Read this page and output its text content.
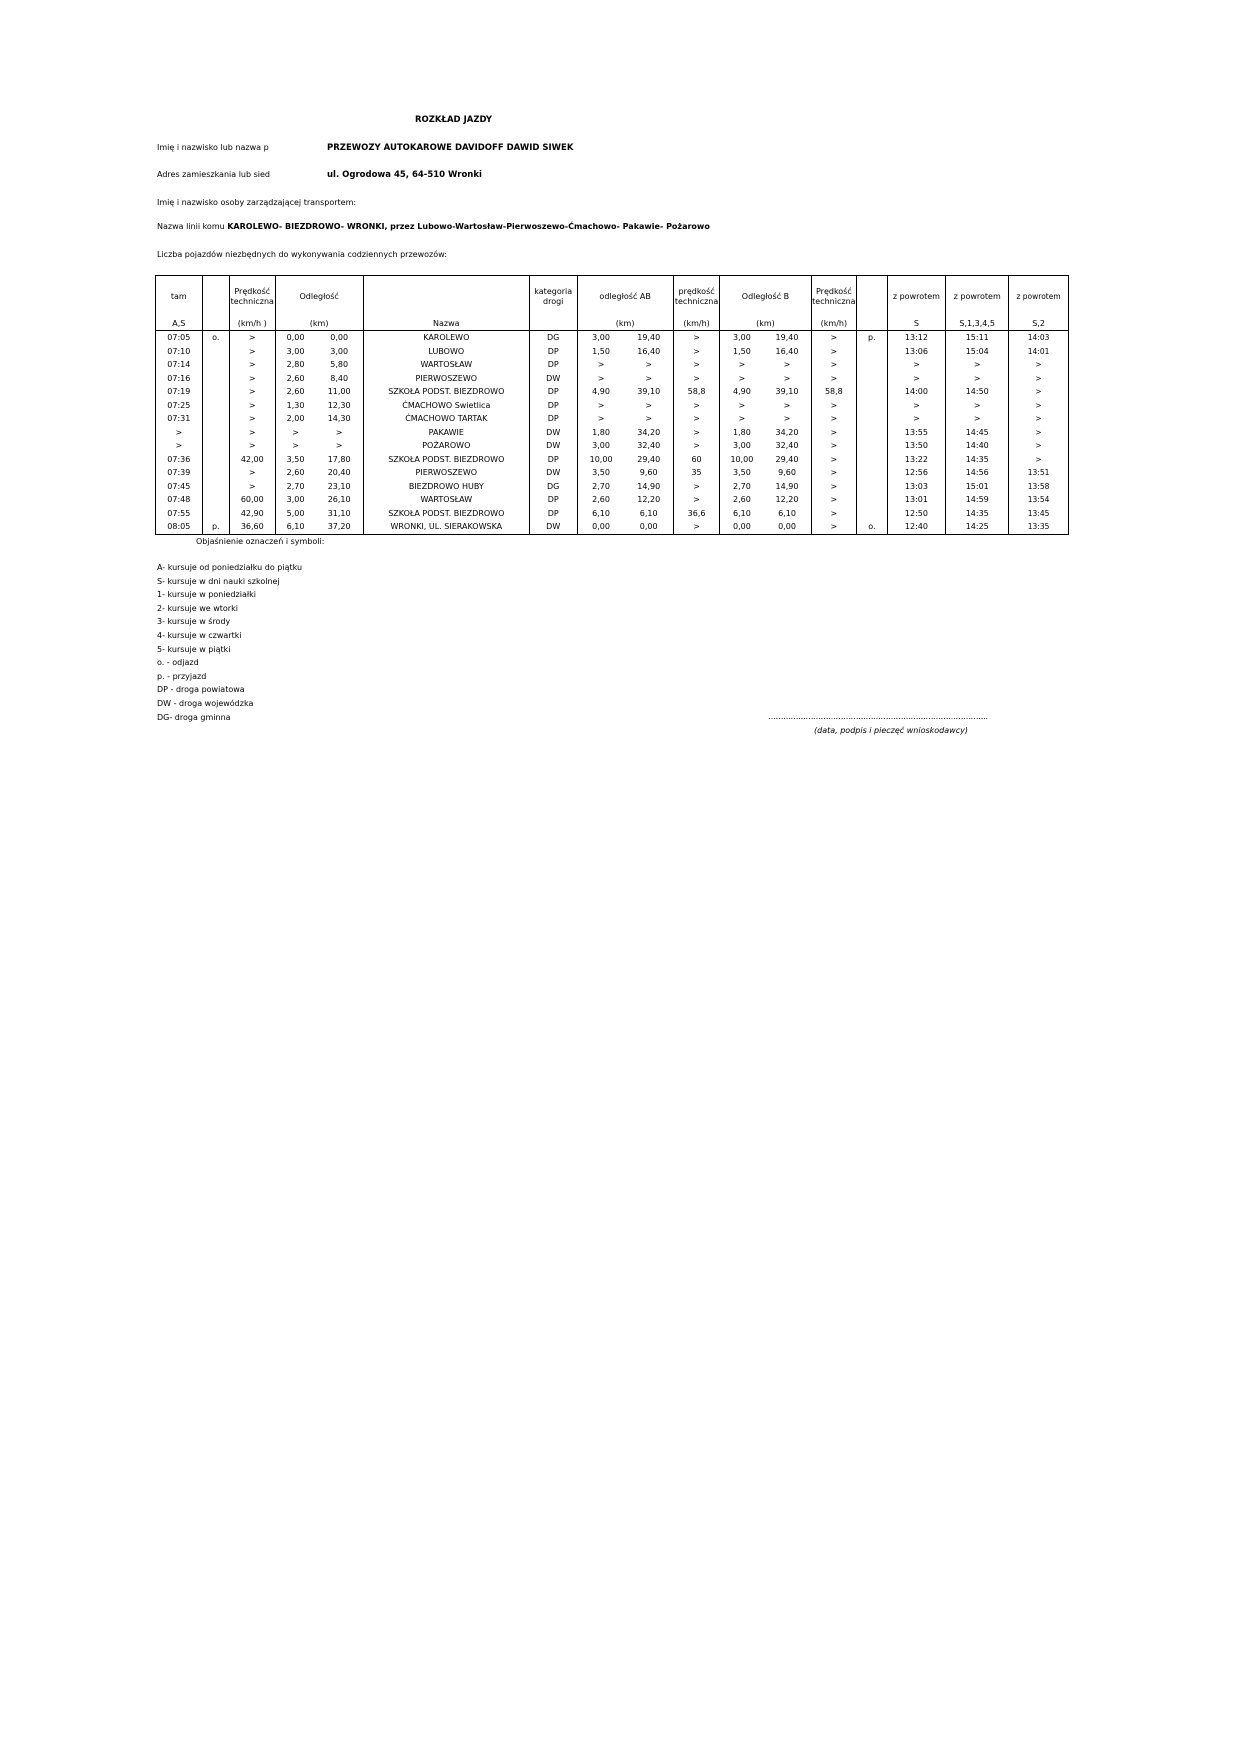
ROZKŁAD JAZDY
Imię i nazwisko lub nazwa p	PRZEWOZY AUTOKAROWE DAVIDOFF DAWID SIWEK
Adres zamieszkania lub sied	ul. Ogrodowa 45, 64-510 Wronki
Imię i nazwisko osoby zarządzającej transportem:
Nazwa linii komu KAROLEWO- BIEZDROWO- WRONKI, przez Lubowo-Wartosław-Pierwoszewo-Ćmachowo- Pakawie- Pożarowo
Liczba pojazdów niezbędnych do wykonywania codziennych przewozów:
tam		Prędkość techniczna	Odległość			kategoria drogi	odległość AB		prędkość techniczna	Odległość B		Prędkość techniczna		z powrotem	z powrotem	z powrotem
A,S		(km/h )	(km)		Nazwa		(km)		(km/h)	(km)		(km/h)		S	S,1,3,4,5	S,2
07:05	o.	>	0,00	0,00	KAROLEWO	DG	3,00	19,40	>	3,00	19,40	>	p.	13:12	15:11	14:03
07:10		>	3,00	3,00	LUBOWO	DP	1,50	16,40	>	1,50	16,40	>		13:06	15:04	14:01
07:14		>	2,80	5,80	WARTOSŁAW	DP	>	>	>	>	>	>		>	>	>
07:16		>	2,60	8,40	PIERWOSZEWO	DW	>	>	>	>	>	>		>	>	>
07:19		>	2,60	11,00	SZKOŁA PODST. BIEZDROWO	DP	4,90	39,10	58,8	4,90	39,10	58,8		14:00	14:50	>
07:25		>	1,30	12,30	ĆMACHOWO Swietlica	DP	>	>	>	>	>	>		>	>	>
07:31		>	2,00	14,30	ĆMACHOWO TARTAK	DP	>	>	>	>	>	>		>	>	>
>		>	>	>	PAKAWIE	DW	1,80	34,20	>	1,80	34,20	>		13:55	14:45	>
>		>	>	>	POŻAROWO	DW	3,00	32,40	>	3,00	32,40	>		13:50	14:40	>
07:36		42,00	3,50	17,80	SZKOŁA PODST. BIEZDROWO	DP	10,00	29,40	60	10,00	29,40	>		13:22	14:35	>
07:39		>	2,60	20,40	PIERWOSZEWO	DW	3,50	9,60	35	3,50	9,60	>		12:56	14:56	13:51
07:45		>	2,70	23,10	BIEZDROWO HUBY	DG	2,70	14,90	>	2,70	14,90	>		13:03	15:01	13:58
07:48		60,00	3,00	26,10	WARTOSŁAW	DP	2,60	12,20	>	2,60	12,20	>		13:01	14:59	13:54
07:55		42,90	5,00	31,10	SZKOŁA PODST. BIEZDROWO	DP	6,10	6,10	36,6	6,10	6,10	>		12:50	14:35	13:45
08:05	p.	36,60	6,10	37,20	WRONKI, UL. SIERAKOWSKA	DW	0,00	0,00	>	0,00	0,00	>	o.	12:40	14:25	13:35
Objaśnienie oznaczeń i symboli:
A- kursuje od poniedziałku do piątku
S- kursuje w dni nauki szkolnej
1- kursuje w poniedziałki
2- kursuje we wtorki
3- kursuje w środy
4- kursuje w czwartki
5- kursuje w piątki
o. - odjazd
p. - przyjazd
DP - droga powiatowa
DW - droga wojewódzka
DG- droga gminna	…………………………………………………………………………….
(data, podpis i pieczęć wnioskodawcy)
